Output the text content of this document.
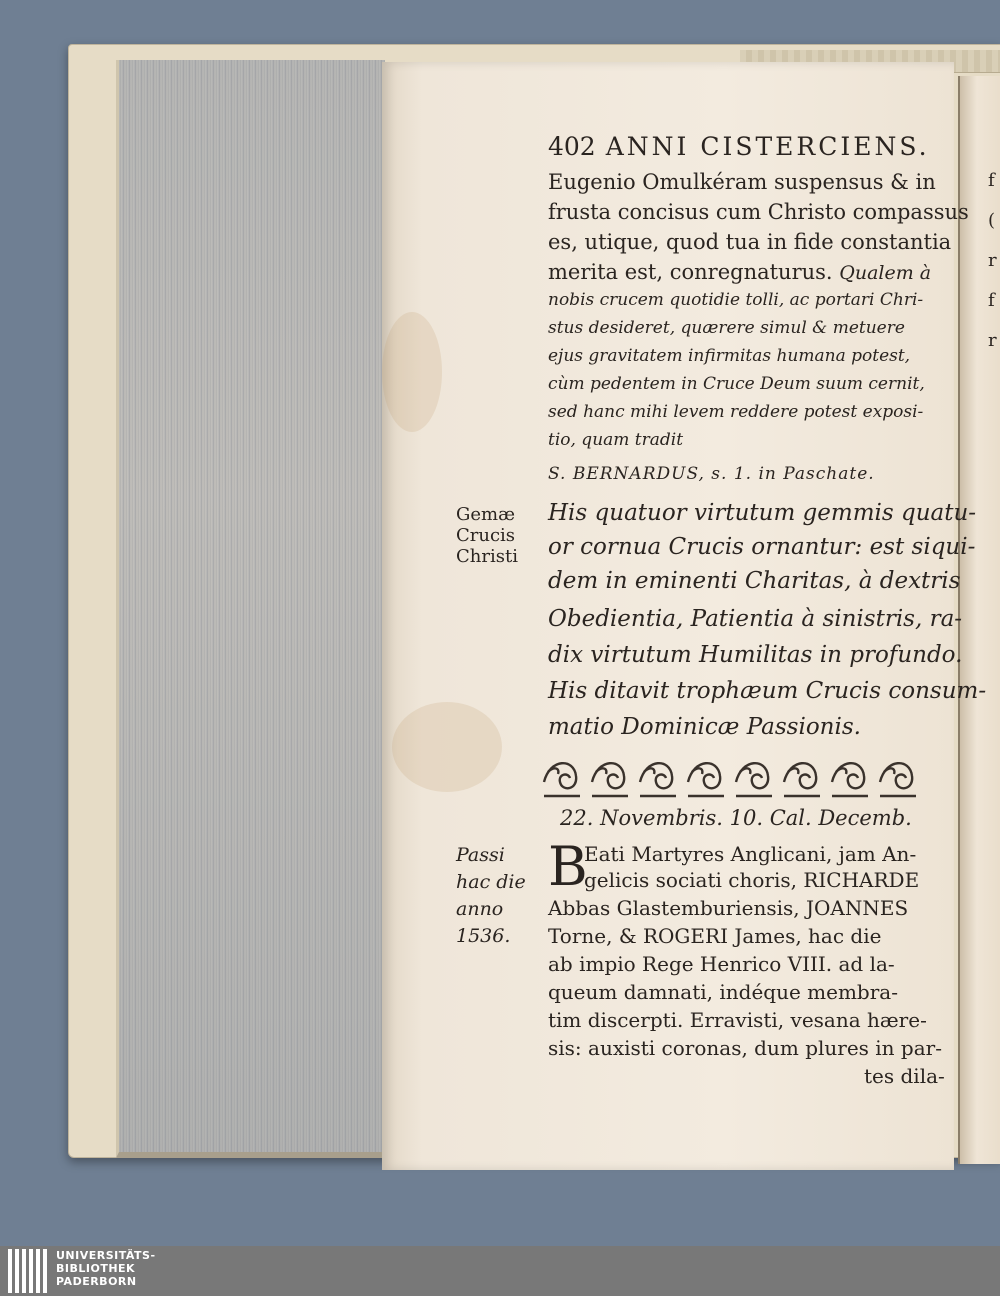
f
(
r
f
r
402 ANNI CISTERCIENS.
Eugenio Omulkéram suspensus & in
frusta concisus cum Christo compassus
es, utique, quod tua in fide constantia
merita est, conregnaturus. Qualem à
nobis crucem quotidie tolli, ac portari Chri-
stus desideret, quærere simul & metuere
ejus gravitatem infirmitas humana potest,
cùm pedentem in Cruce Deum suum cernit,
sed hanc mihi levem reddere potest exposi-
tio, quam tradit
S. BERNARDUS, s. 1. in Paschate.
Gemæ
Crucis
Christi
His quatuor virtutum gemmis quatu-
or cornua Crucis ornantur: est siqui-
dem in eminenti Charitas, à dextris
Obedientia, Patientia à sinistris, ra-
dix virtutum Humilitas in profundo.
His ditavit trophæum Crucis consum-
matio Dominicæ Passionis.
22. Novembris. 10. Cal. Decemb.
Passi
hac die
anno
1536.
B
Eati Martyres Anglicani, jam An-
gelicis sociati choris, RICHARDE
Abbas Glastemburiensis, JOANNES
Torne, & ROGERI James, hac die
ab impio Rege Henrico VIII. ad la-
queum damnati, indéque membra-
tim discerpti. Erravisti, vesana hære-
sis: auxisti coronas, dum plures in par-
tes dila-
UNIVERSITÄTS-
BIBLIOTHEK
PADERBORN
